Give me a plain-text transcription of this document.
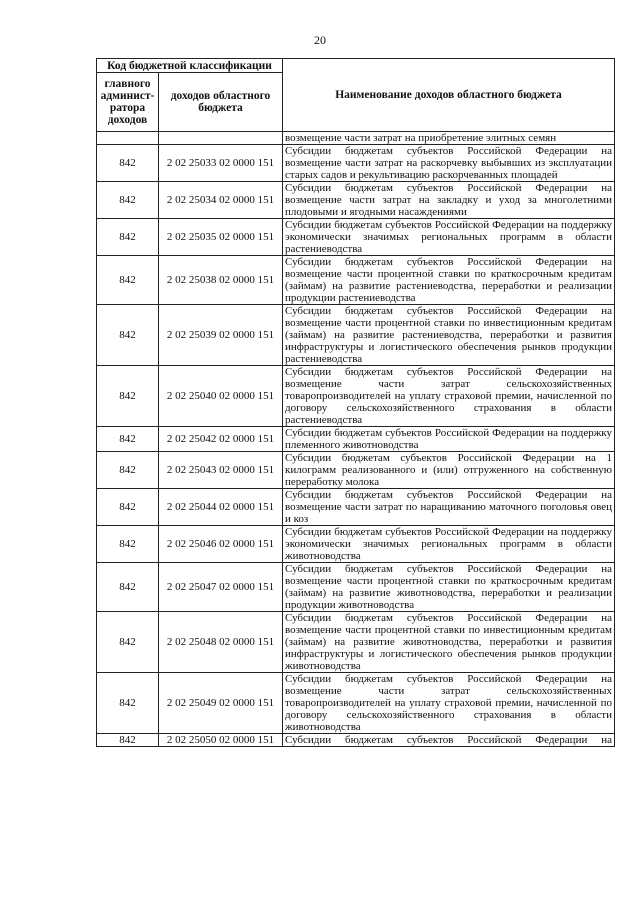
20
Код бюджетной классификации		Наименование доходов областного бюджета
главного админист-ратора доходов	доходов областного бюджета	
		возмещение части затрат на приобретение элитных семян
842	2 02 25033 02 0000 151	Субсидии бюджетам субъектов Российской Федерации на возмещение части затрат на раскорчевку выбывших из эксплуатации старых садов и рекультивацию раскорчеванных площадей
842	2 02 25034 02 0000 151	Субсидии бюджетам субъектов Российской Федерации на возмещение части затрат на закладку и уход за многолетними плодовыми и ягодными насаждениями
842	2 02 25035 02 0000 151	Субсидии бюджетам субъектов Российской Федерации на поддержку экономически значимых региональных программ в области растениеводства
842	2 02 25038 02 0000 151	Субсидии бюджетам субъектов Российской Федерации на возмещение части процентной ставки по краткосрочным кредитам (займам) на развитие растениеводства, переработки и реализации продукции растениеводства
842	2 02 25039 02 0000 151	Субсидии бюджетам субъектов Российской Федерации на возмещение части процентной ставки по инвестиционным кредитам (займам) на развитие растениеводства, переработки и развития инфраструктуры и логистического обеспечения рынков продукции растениеводства
842	2 02 25040 02 0000 151	Субсидии бюджетам субъектов Российской Федерации на возмещение части затрат сельскохозяйственных товаропроизводителей на уплату страховой премии, начисленной по договору сельскохозяйственного страхования в области растениеводства
842	2 02 25042 02 0000 151	Субсидии бюджетам субъектов Российской Федерации на поддержку племенного животноводства
842	2 02 25043 02 0000 151	Субсидии бюджетам субъектов Российской Федерации на 1 килограмм реализованного и (или) отгруженного на собственную переработку молока
842	2 02 25044 02 0000 151	Субсидии бюджетам субъектов Российской Федерации на возмещение части затрат по наращиванию маточного поголовья овец и коз
842	2 02 25046 02 0000 151	Субсидии бюджетам субъектов Российской Федерации на поддержку экономически значимых региональных программ в области животноводства
842	2 02 25047 02 0000 151	Субсидии бюджетам субъектов Российской Федерации на возмещение части процентной ставки по краткосрочным кредитам (займам) на развитие животноводства, переработки и реализации продукции животноводства
842	2 02 25048 02 0000 151	Субсидии бюджетам субъектов Российской Федерации на возмещение части процентной ставки по инвестиционным кредитам (займам) на развитие животноводства, переработки и развития инфраструктуры и логистического обеспечения рынков продукции животноводства
842	2 02 25049 02 0000 151	Субсидии бюджетам субъектов Российской Федерации на возмещение части затрат сельскохозяйственных товаропроизводителей на уплату страховой премии, начисленной по договору сельскохозяйственного страхования в области животноводства
842	2 02 25050 02 0000 151	Субсидии бюджетам субъектов Российской Федерации на
